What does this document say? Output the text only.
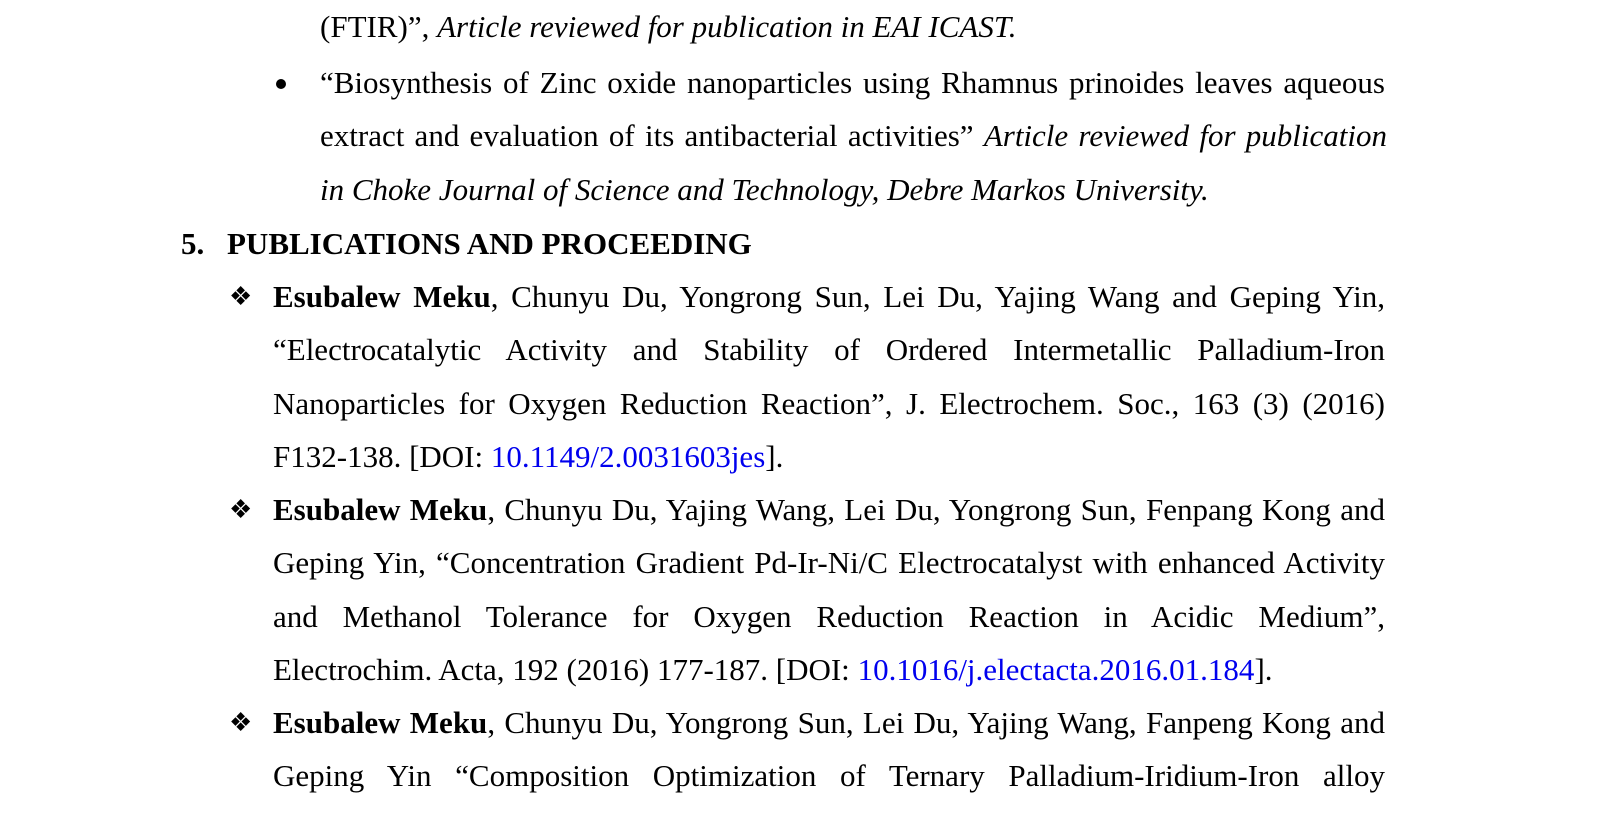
(FTIR)”, Article reviewed for publication in EAI ICAST.
“Biosynthesis of Zinc oxide nanoparticles using Rhamnus prinoides leaves aqueous
extract and evaluation of its antibacterial activities” Article reviewed for publication
in Choke Journal of Science and Technology, Debre Markos University.
5. PUBLICATIONS AND PROCEEDING
❖ Esubalew Meku, Chunyu Du, Yongrong Sun, Lei Du, Yajing Wang and Geping Yin,
“Electrocatalytic Activity and Stability of Ordered Intermetallic Palladium-Iron
Nanoparticles for Oxygen Reduction Reaction”, J. Electrochem. Soc., 163 (3) (2016)
F132-138. [DOI: 10.1149/2.0031603jes].
❖ Esubalew Meku, Chunyu Du, Yajing Wang, Lei Du, Yongrong Sun, Fenpang Kong and
Geping Yin, “Concentration Gradient Pd-Ir-Ni/C Electrocatalyst with enhanced Activity
and Methanol Tolerance for Oxygen Reduction Reaction in Acidic Medium”,
Electrochim. Acta, 192 (2016) 177-187. [DOI: 10.1016/j.electacta.2016.01.184].
❖ Esubalew Meku, Chunyu Du, Yongrong Sun, Lei Du, Yajing Wang, Fanpeng Kong and
Geping Yin “Composition Optimization of Ternary Palladium-Iridium-Iron alloy
